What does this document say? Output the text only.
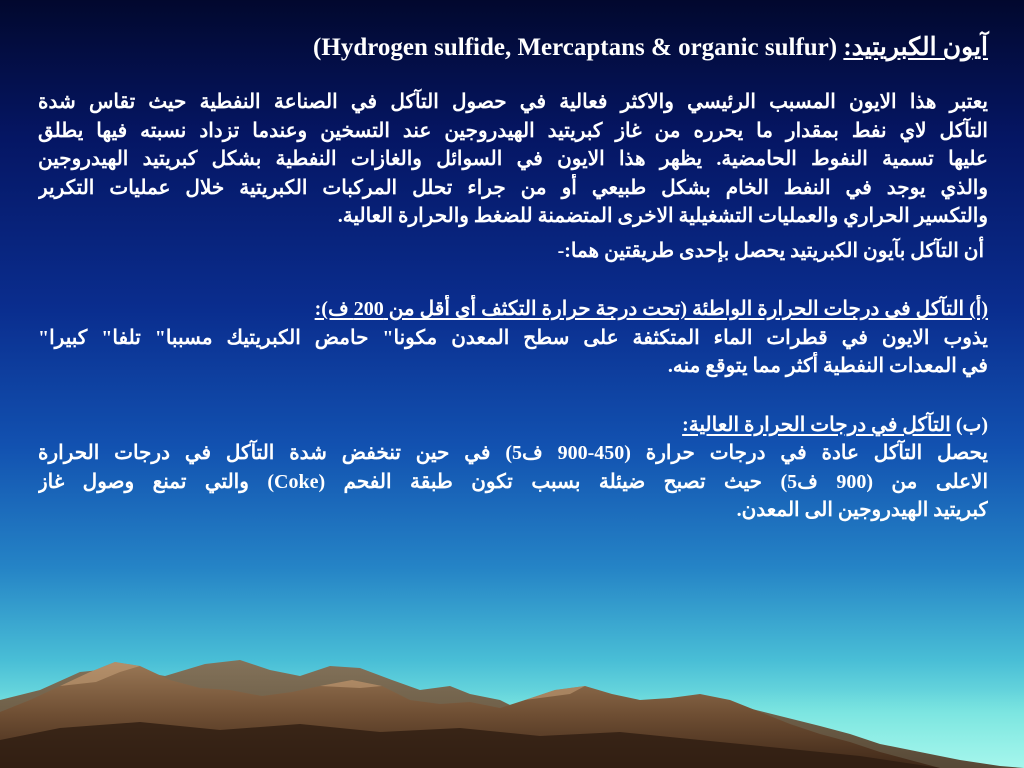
آيون الكبريتيد: (Hydrogen sulfide, Mercaptans & organic sulfur)
يعتبر هذا الايون المسبب الرئيسي والاكثر فعالية في حصول التآكل في الصناعة النفطية حيث تقاس شدة
التآكل لاي نفط بمقدار ما يحرره من غاز كبريتيد الهيدروجين عند التسخين وعندما تزداد نسبته فيها يطلق
عليها تسمية النفوط الحامضية. يظهر هذا الايون في السوائل والغازات النفطية بشكل كبريتيد الهيدروجين
والذي يوجد في النفط الخام بشكل طبيعي أو من جراء تحلل المركبات الكبريتية خلال عمليات التكرير
والتكسير الحراري والعمليات التشغيلية الاخرى المتضمنة للضغط والحرارة العالية.
أن التآكل بآيون الكبريتيد يحصل بإحدى طريقتين هما:-
(أ) التآكل فى درجات الحرارة الواطئة (تحت درجة حرارة التكثف أى أقل من 200 ف):
يذوب الايون في قطرات الماء المتكثفة على سطح المعدن مكونا" حامض الكبريتيك مسببا" تلفا" كبيرا"
في المعدات النفطية أكثر مما يتوقع منه.
(ب) التآكل في درجات الحرارة العالية:
يحصل التآكل عادة في درجات حرارة (450-900 ف5) في حين تنخفض شدة التآكل في درجات الحرارة
الاعلى من (900 ف5) حيث تصبح ضيئلة بسبب تكون طبقة الفحم (Coke) والتي تمنع وصول غاز
كبريتيد الهيدروجين الى المعدن.
